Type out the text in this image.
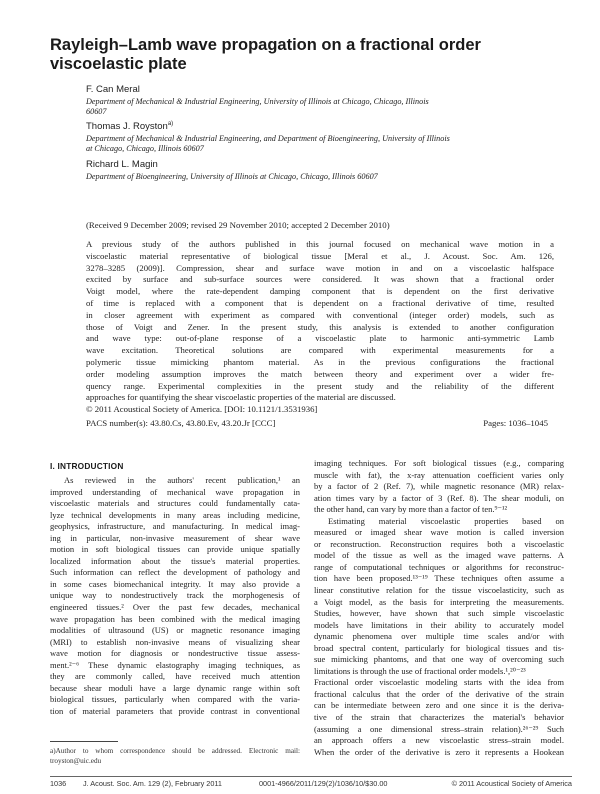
Rayleigh–Lamb wave propagation on a fractional order
viscoelastic plate
F. Can Meral
Department of Mechanical & Industrial Engineering, University of Illinois at Chicago, Chicago, Illinois
60607
Thomas J. Royston$^{a)}$
Department of Mechanical & Industrial Engineering, and Department of Bioengineering, University of Illinois
at Chicago, Chicago, Illinois 60607
Richard L. Magin
Department of Bioengineering, University of Illinois at Chicago, Chicago, Illinois 60607
(Received 9 December 2009; revised 29 November 2010; accepted 2 December 2010)
A previous study of the authors published in this journal focused on mechanical wave motion in a
viscoelastic material representative of biological tissue [Meral et al., J. Acoust. Soc. Am. 126,
3278–3285 (2009)]. Compression, shear and surface wave motion in and on a viscoelastic halfspace
excited by surface and sub-surface sources were considered. It was shown that a fractional order
Voigt model, where the rate-dependent damping component that is dependent on the first derivative
of time is replaced with a component that is dependent on a fractional derivative of time, resulted
in closer agreement with experiment as compared with conventional (integer order) models, such as
those of Voigt and Zener. In the present study, this analysis is extended to another configuration
and wave type: out-of-plane response of a viscoelastic plate to harmonic anti-symmetric Lamb
wave excitation. Theoretical solutions are compared with experimental measurements for a
polymeric tissue mimicking phantom material. As in the previous configurations the fractional
order modeling assumption improves the match between theory and experiment over a wider fre-
quency range. Experimental complexities in the present study and the reliability of the different
approaches for quantifying the shear viscoelastic properties of the material are discussed.
© 2011 Acoustical Society of America. [DOI: 10.1121/1.3531936]
PACS number(s): 43.80.Cs, 43.80.Ev, 43.20.Jr [CCC]	Pages: 1036–1045
I. INTRODUCTION
As reviewed in the authors' recent publication,¹ an
improved understanding of mechanical wave propagation in
viscoelastic materials and structures could fundamentally cata-
lyze technical developments in many areas including medicine,
geophysics, infrastructure, and manufacturing. In medical imag-
ing in particular, non-invasive measurement of shear wave
motion in soft biological tissues can provide unique spatially
localized information about the tissue's material properties.
Such information can reflect the development of pathology and
in some cases biomechanical integrity. It may also provide a
unique way to nondestructively track the morphogenesis of
engineered tissues.² Over the past few decades, mechanical
wave propagation has been combined with the medical imaging
modalities of ultrasound (US) or magnetic resonance imaging
(MRI) to establish non-invasive means of visualizing shear
wave motion for diagnosis or nondestructive tissue assess-
ment.²⁻⁶ These dynamic elastography imaging techniques, as
they are commonly called, have received much attention
because shear moduli have a large dynamic range within soft
biological tissues, particularly when compared with the varia-
tion of material parameters that provide contrast in conventional
imaging techniques. For soft biological tissues (e.g., comparing
muscle with fat), the x-ray attenuation coefficient varies only
by a factor of 2 (Ref. 7), while magnetic resonance (MR) relax-
ation times vary by a factor of 3 (Ref. 8). The shear moduli, on
the other hand, can vary by more than a factor of ten.⁹⁻¹²
Estimating material viscoelastic properties based on
measured or imaged shear wave motion is called inversion
or reconstruction. Reconstruction requires both a viscoelastic
model of the tissue as well as the imaged wave patterns. A
range of computational techniques or algorithms for reconstruc-
tion have been proposed.¹³⁻¹⁹ These techniques often assume a
linear constitutive relation for the tissue viscoelasticity, such as
a Voigt model, as the basis for interpreting the measurements.
Studies, however, have shown that such simple viscoelastic
models have limitations in their ability to accurately model
dynamic phenomena over multiple time scales and/or with
broad spectral content, particularly for biological tissues and tis-
sue mimicking phantoms, and that one way of overcoming such
limitations is through the use of fractional order models.¹,²⁰⁻²³
Fractional order viscoelastic modeling starts with the idea from
fractional calculus that the order of the derivative of the strain
can be intermediate between zero and one since it is the deriva-
tive of the strain that characterizes the material's behavior
(assuming a one dimensional stress–strain relation).²⁶⁻²⁹ Such
an approach offers a new viscoelastic stress–strain model.
When the order of the derivative is zero it represents a Hookean
a)Author to whom correspondence should be addressed. Electronic mail:
troyston@uic.edu
1036 J. Acoust. Soc. Am. 129 (2), February 2011	0001-4966/2011/129(2)/1036/10/$30.00	© 2011 Acoustical Society of America
